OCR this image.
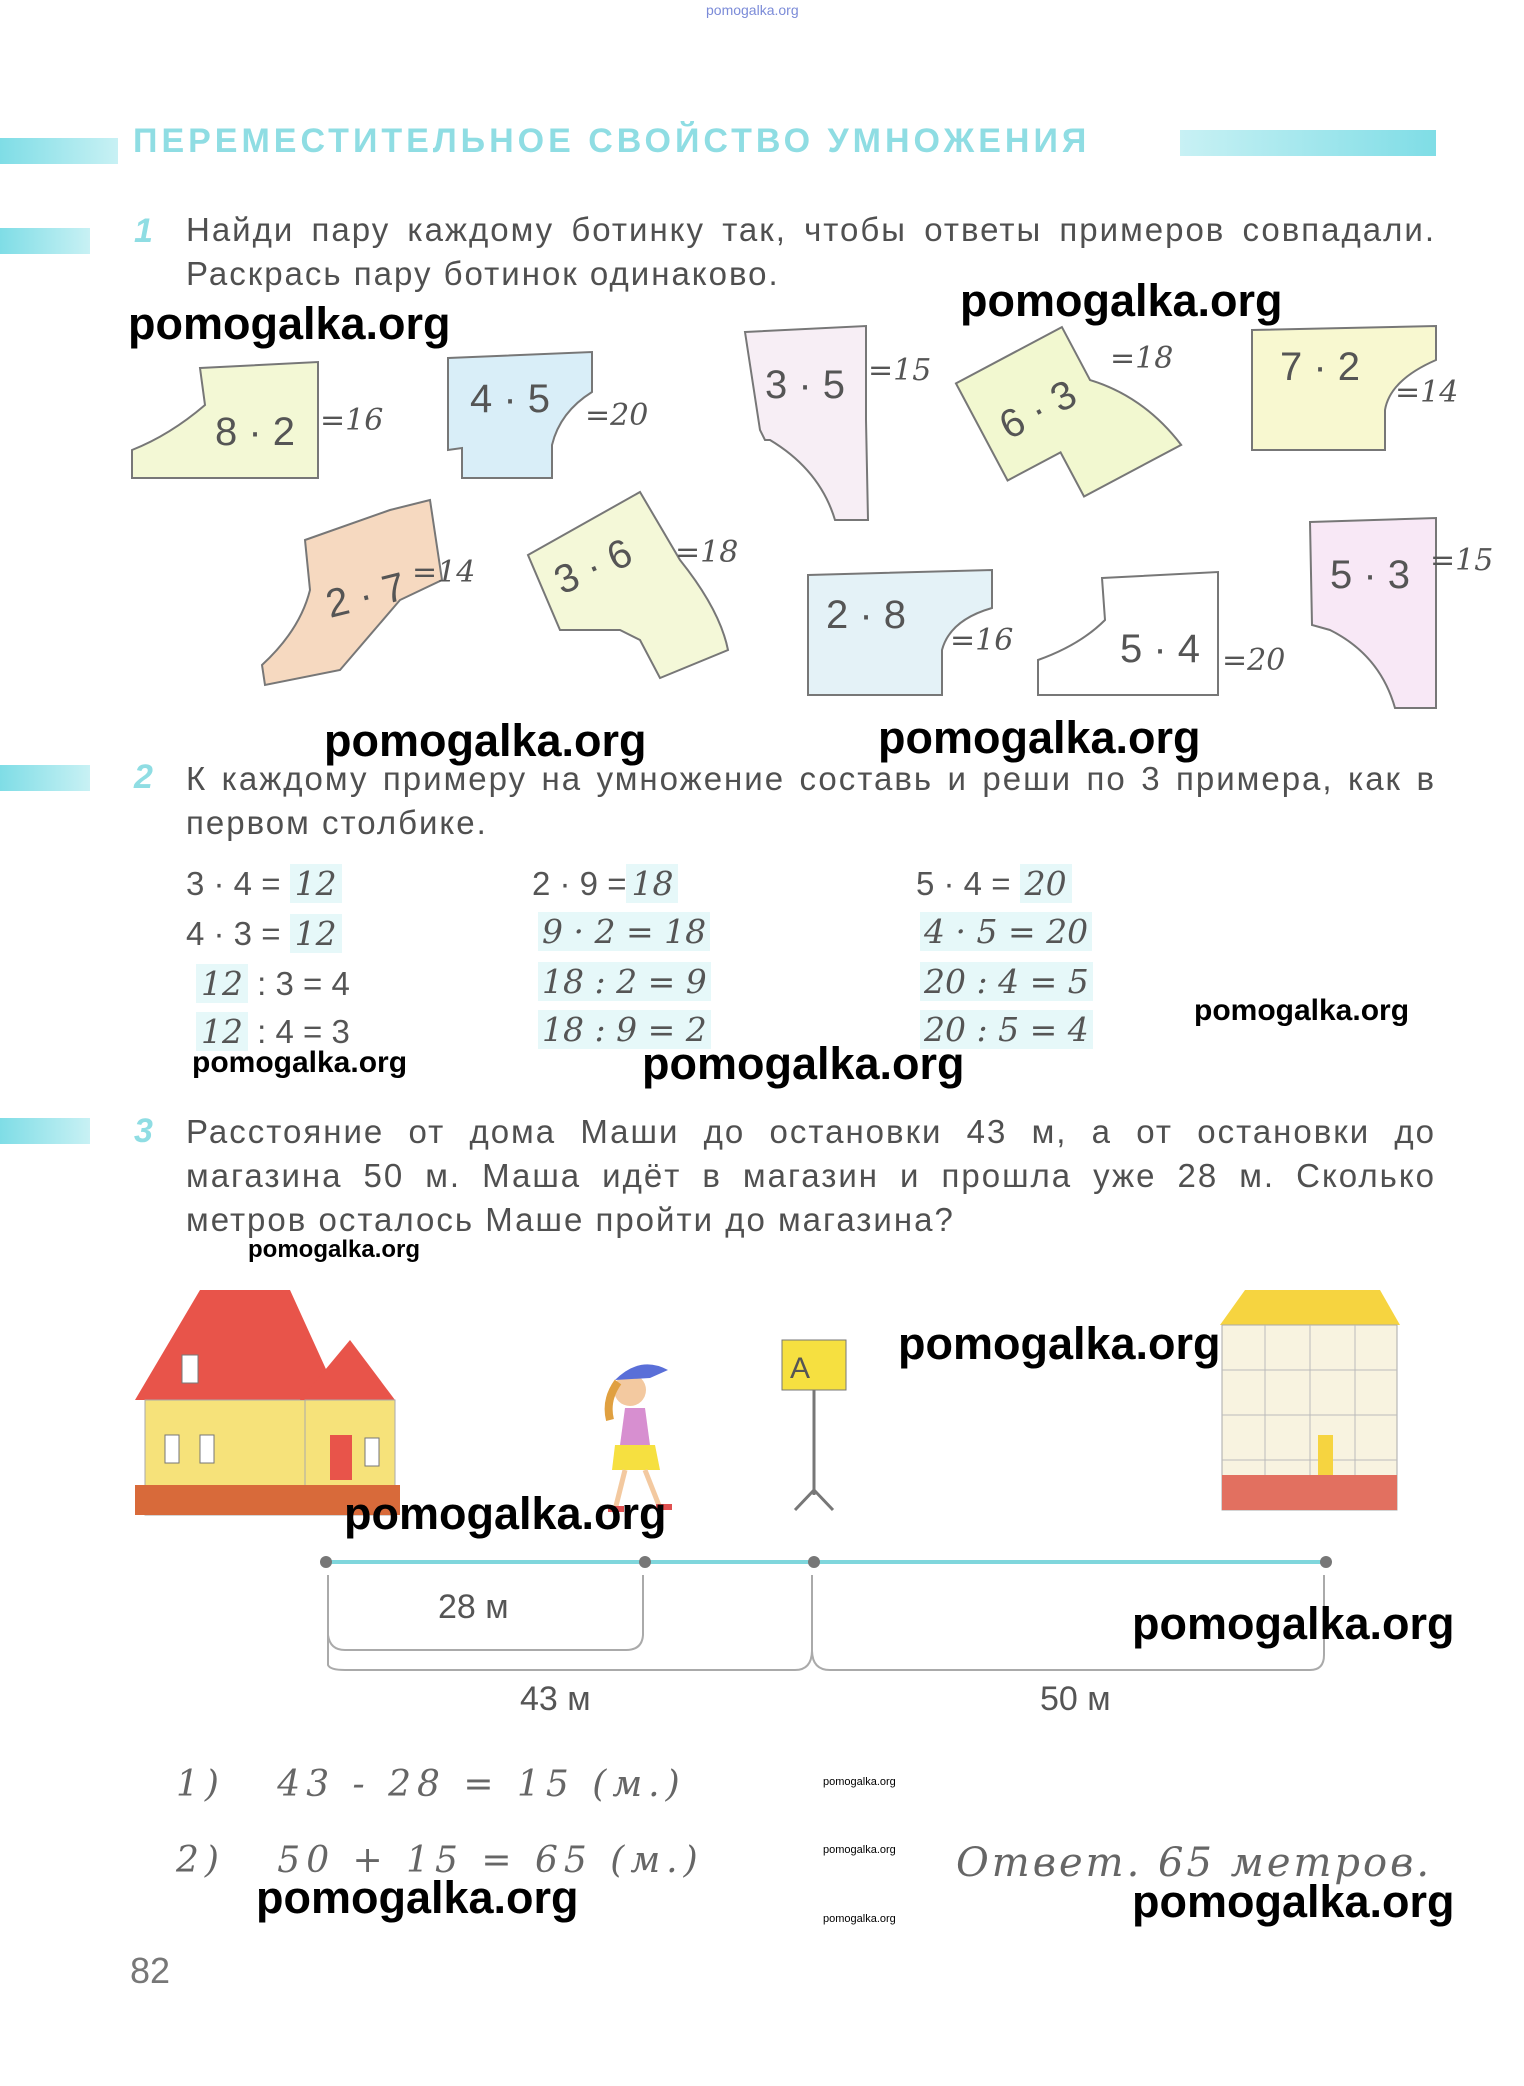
pomogalka.org
ПЕРЕМЕСТИТЕЛЬНОЕ СВОЙСТВО УМНОЖЕНИЯ
1 Найди пару каждому ботинку так, чтобы ответы примеров совпадали. Раскрась пару ботинок одинаково.
pomogalka.org	pomogalka.org
8 · 2 =16 4 · 5 =20
3 · 5 =15
6 · 3
=18	7 · 2
=14
2 · 7 =14 3 · 6 =18
2 · 8
=16	5 · 4 =20
5 · 3 =15
pomogalka.org	pomogalka.org
2 К каждому примеру на умножение составь и реши по 3 примера, как в первом столбике.
3 · 4 = 12
4 · 3 = 12
12 : 3 = 4
12 : 4 = 3
2 · 9 = 18
9 · 2 = 18
18 : 2 = 9
18 : 9 = 2
5 · 4 = 20
4 · 5 = 20
20 : 4 = 5
20 : 5 = 4	pomogalka.org
pomogalka.org	pomogalka.org
3 Расстояние от дома Маши до остановки 43 м, а от остановки до магазина 50 м. Маша идёт в магазин и прошла уже 28 м. Сколько метров осталось Маше пройти до магазина?
pomogalka.org
А pomogalka.org
pomogalka.org
28 м
43 м	50 м
pomogalka.org
1) 43 - 28 = 15 (м.)
2) 50 + 15 = 65 (м.)	Ответ. 65 метров.
pomogalka.org
pomogalka.org
pomogalka.org
pomogalka.org	pomogalka.org
82
